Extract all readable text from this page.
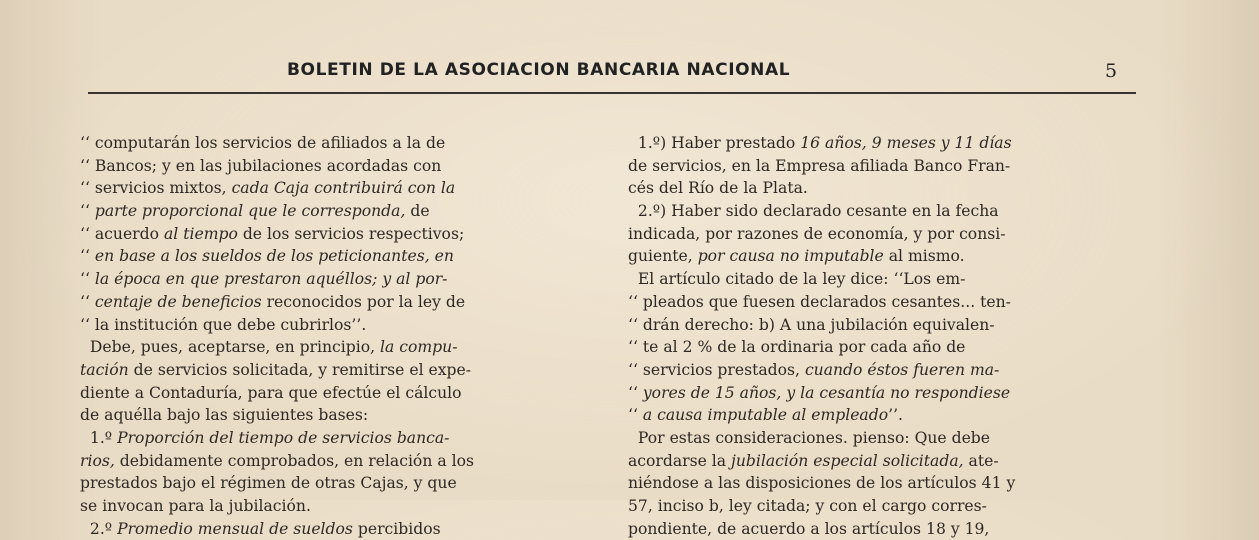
BOLETIN DE LA ASOCIACION BANCARIA NACIONAL	5
‘‘ computarán los servicios de afiliados a la de
‘‘ Bancos; y en las jubilaciones acordadas con
‘‘ servicios mixtos, cada Caja contribuirá con la
‘‘ parte proporcional que le corresponda, de
‘‘ acuerdo al tiempo de los servicios respectivos;
‘‘ en base a los sueldos de los peticionantes, en
‘‘ la época en que prestaron aquéllos; y al por-
‘‘ centaje de beneficios reconocidos por la ley de
‘‘ la institución que debe cubrirlos’’.
Debe, pues, aceptarse, en principio, la compu-
tación de servicios solicitada, y remitirse el expe-
diente a Contaduría, para que efectúe el cálculo
de aquélla bajo las siguientes bases:
1.º Proporción del tiempo de servicios banca-
rios, debidamente comprobados, en relación a los
prestados bajo el régimen de otras Cajas, y que
se invocan para la jubilación.
2.º Promedio mensual de sueldos percibidos
1.º) Haber prestado 16 años, 9 meses y 11 días
de servicios, en la Empresa afiliada Banco Fran-
cés del Río de la Plata.
2.º) Haber sido declarado cesante en la fecha
indicada, por razones de economía, y por consi-
guiente, por causa no imputable al mismo.
El artículo citado de la ley dice: ‘‘Los em-
‘‘ pleados que fuesen declarados cesantes... ten-
‘‘ drán derecho: b) A una jubilación equivalen-
‘‘ te al 2 % de la ordinaria por cada año de
‘‘ servicios prestados, cuando éstos fueren ma-
‘‘ yores de 15 años, y la cesantía no respondiese
‘‘ a causa imputable al empleado ’’.
Por estas consideraciones. pienso: Que debe
acordarse la jubilación especial solicitada, ate-
niéndose a las disposiciones de los artículos 41 y
57, inciso b, ley citada; y con el cargo corres-
pondiente, de acuerdo a los artículos 18 y 19,
